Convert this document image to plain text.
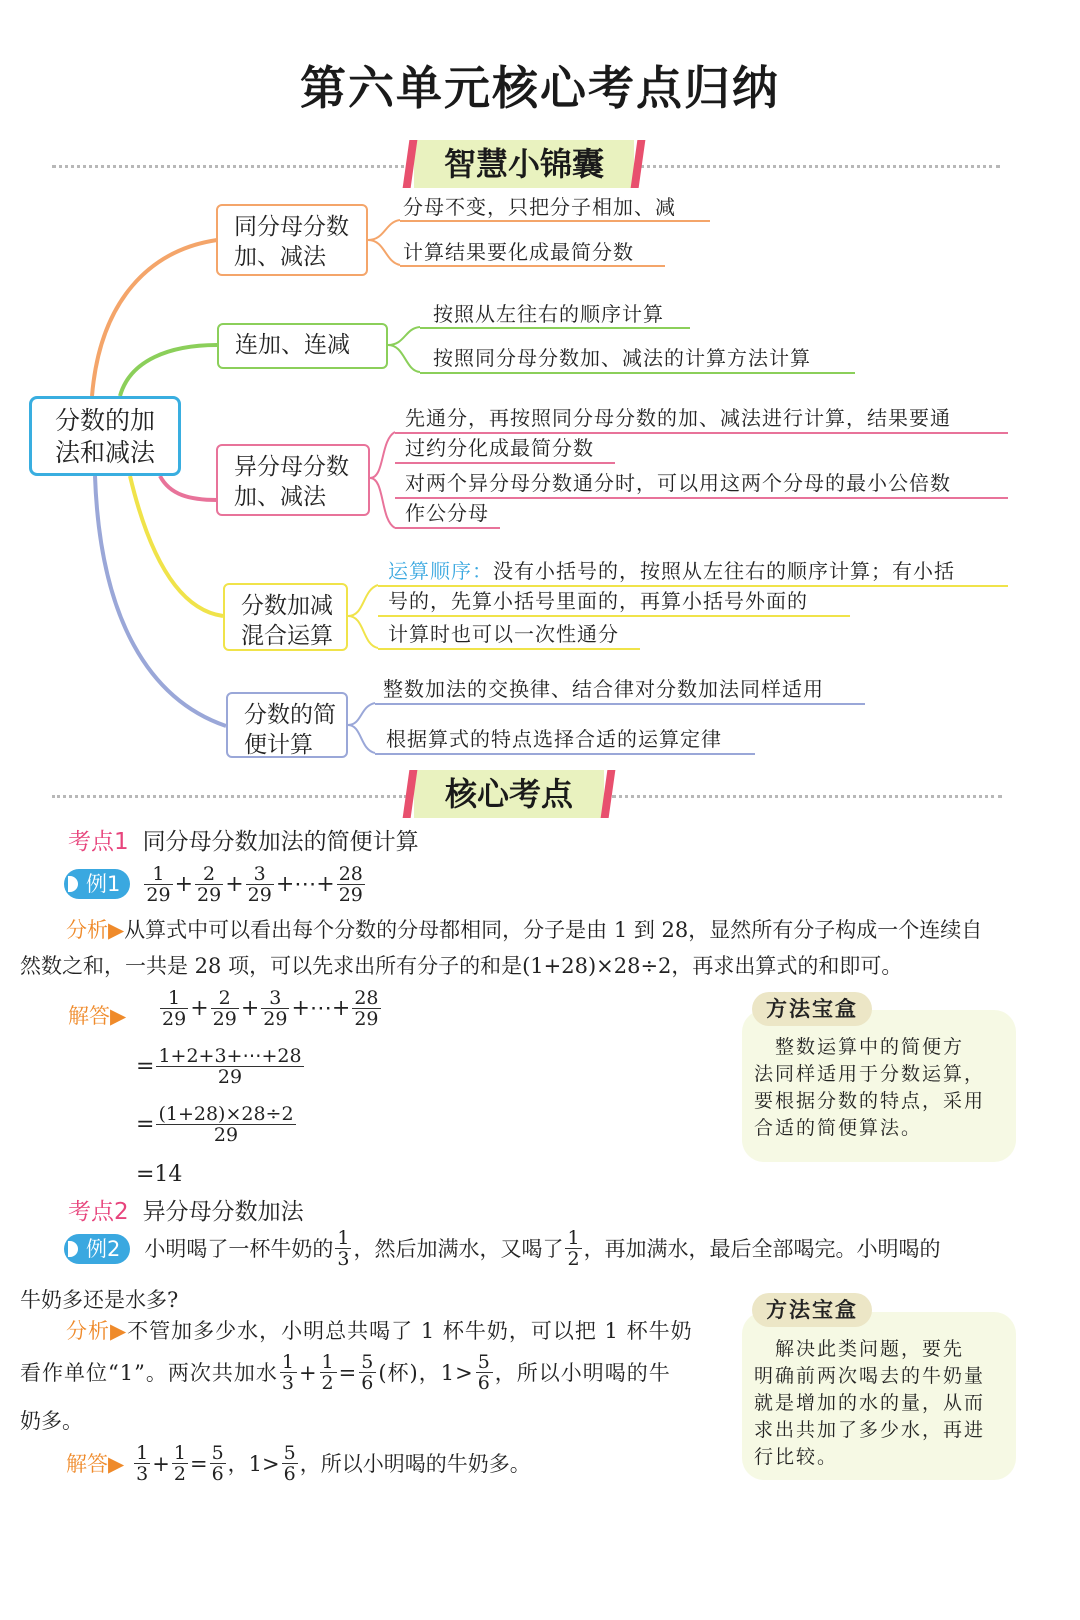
第六单元核心考点归纳
智慧小锦囊
分数的加
法和减法
同分母分数
加、减法
分母不变，只把分子相加、减
计算结果要化成最简分数
连加、连减
按照从左往右的顺序计算
按照同分母分数加、减法的计算方法计算
异分母分数
加、减法
先通分，再按照同分母分数的加、减法进行计算，结果要通
过约分化成最简分数
对两个异分母分数通分时，可以用这两个分母的最小公倍数
作公分母
分数加减
混合运算
运算顺序：没有小括号的，按照从左往右的顺序计算；有小括
号的，先算小括号里面的，再算小括号外面的
计算时也可以一次性通分
分数的简
便计算
整数加法的交换律、结合律对分数加法同样适用
根据算式的特点选择合适的运算定律
核心考点
考点1 同分母分数加法的简便计算
例1	$\frac{1}{29} + \frac{2}{29} + \frac{3}{29}$ +⋯+ $\frac{28}{29}$
分析▶从算式中可以看出每个分数的分母都相同，分子是由 1 到 28，显然所有分子构成一个连续自
然数之和，一共是 28 项，可以先求出所有分子的和是(1+28)×28÷2，再求出算式的和即可。
解答▶ $\frac{1}{29} + \frac{2}{29} + \frac{3}{29}$ +⋯+ $\frac{28}{29}$
= $\frac{1+2+3+\cdots+28}{29}$
= $\frac{(1+28)\times 28\div 2}{29}$
=14
　整数运算中的简便方
法同样适用于分数运算，
要根据分数的特点，采用
合适的简便算法。
方法宝盒
考点2 异分母分数加法
例2	小明喝了一杯牛奶的 $\frac{1}{3}$ ，然后加满水，又喝了 $\frac{1}{2}$ ，再加满水，最后全部喝完。小明喝的
牛奶多还是水多?
分析▶不管加多少水，小明总共喝了 1 杯牛奶，可以把 1 杯牛奶
看作单位“1”。两次共加水 $\frac{1}{3} + \frac{1}{2} = \frac{5}{6}$ (杯)，$1> \frac{5}{6}$ ，所以小明喝的牛
奶多。
解答▶ $\frac{1}{3} + \frac{1}{2} = \frac{5}{6}$ ，$1> \frac{5}{6}$ ，所以小明喝的牛奶多。
　解决此类问题，要先
明确前两次喝去的牛奶量
就是增加的水的量，从而
求出共加了多少水，再进
行比较。
方法宝盒
